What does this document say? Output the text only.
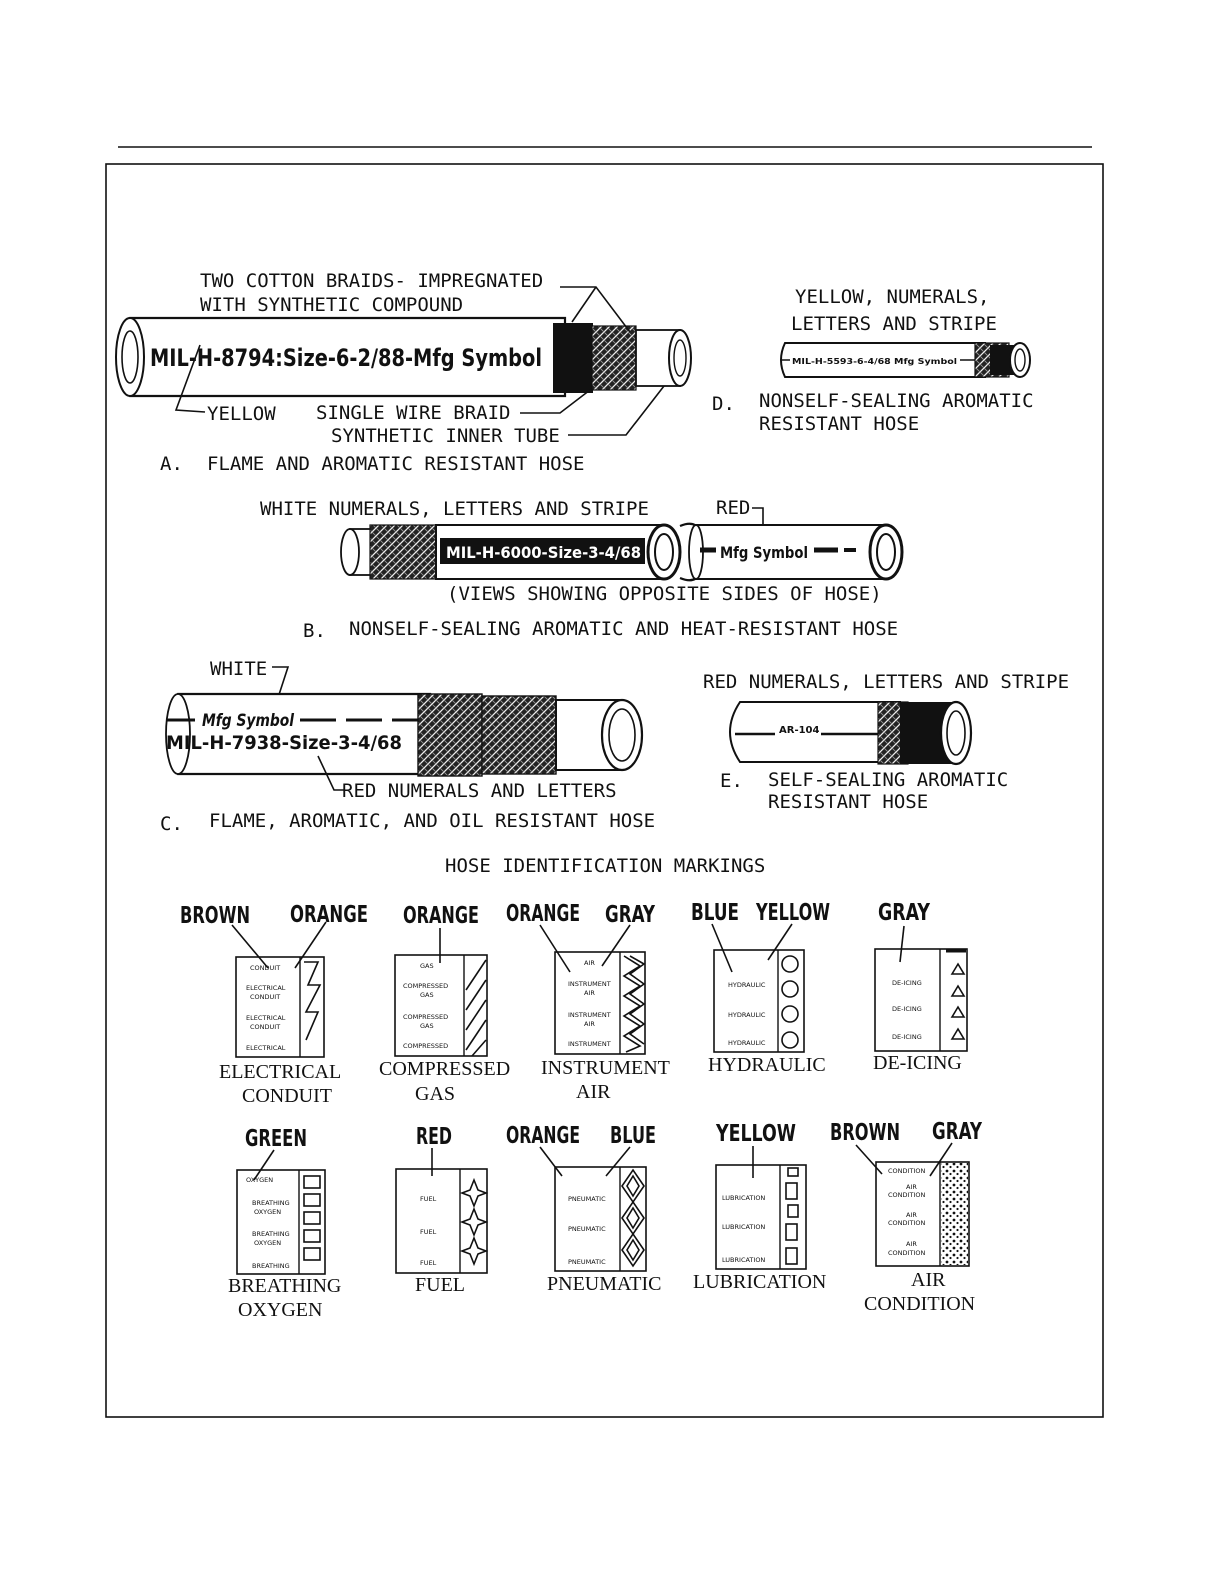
TWO COTTON BRAIDS- IMPREGNATED
WITH SYNTHETIC COMPOUND
MIL-H-8794:Size-6-2/88-Mfg Symbol
YELLOW SINGLE WIRE BRAID
SYNTHETIC INNER TUBE
A. FLAME AND AROMATIC RESISTANT HOSE
YELLOW, NUMERALS,
LETTERS AND STRIPE
MIL-H-5593-6-4/68 Mfg Symbol
D. NONSELF-SEALING AROMATIC
RESISTANT HOSE
WHITE NUMERALS, LETTERS AND STRIPE	RED
MIL-H-6000-Size-3-4/68	Mfg Symbol
(VIEWS SHOWING OPPOSITE SIDES OF HOSE)
B. NONSELF-SEALING AROMATIC AND HEAT-RESISTANT HOSE
WHITE
Mfg Symbol
MIL-H-7938-Size-3-4/68
RED NUMERALS AND LETTERS
C. FLAME, AROMATIC, AND OIL RESISTANT HOSE
RED NUMERALS, LETTERS AND STRIPE
AR-104
E. SELF-SEALING AROMATIC
RESISTANT HOSE
HOSE IDENTIFICATION MARKINGS
BROWN ORANGE
CONDUIT
ELECTRICAL
CONDUIT
ELECTRICAL
CONDUIT
ELECTRICAL
ELECTRICAL
CONDUIT
ORANGE
GAS
COMPRESSED
GAS
COMPRESSED
GAS
COMPRESSED
COMPRESSED
GAS
ORANGE GRAY
AIR
INSTRUMENT
AIR
INSTRUMENT
AIR
INSTRUMENT
INSTRUMENT
AIR
BLUE YELLOW
HYDRAULIC
HYDRAULIC
HYDRAULIC
HYDRAULIC
GRAY
DE-ICING
DE-ICING
DE-ICING
DE-ICING
GREEN
OXYGEN
BREATHING
OXYGEN
BREATHING
OXYGEN
BREATHING
BREATHING
OXYGEN
RED
FUEL
FUEL
FUEL
FUEL
ORANGE BLUE
PNEUMATIC
PNEUMATIC
PNEUMATIC
PNEUMATIC
YELLOW
LUBRICATION
LUBRICATION
LUBRICATION
LUBRICATION
BROWN GRAY
CONDITION
AIR
CONDITION
AIR
CONDITION
AIR
CONDITION
AIR
CONDITION
